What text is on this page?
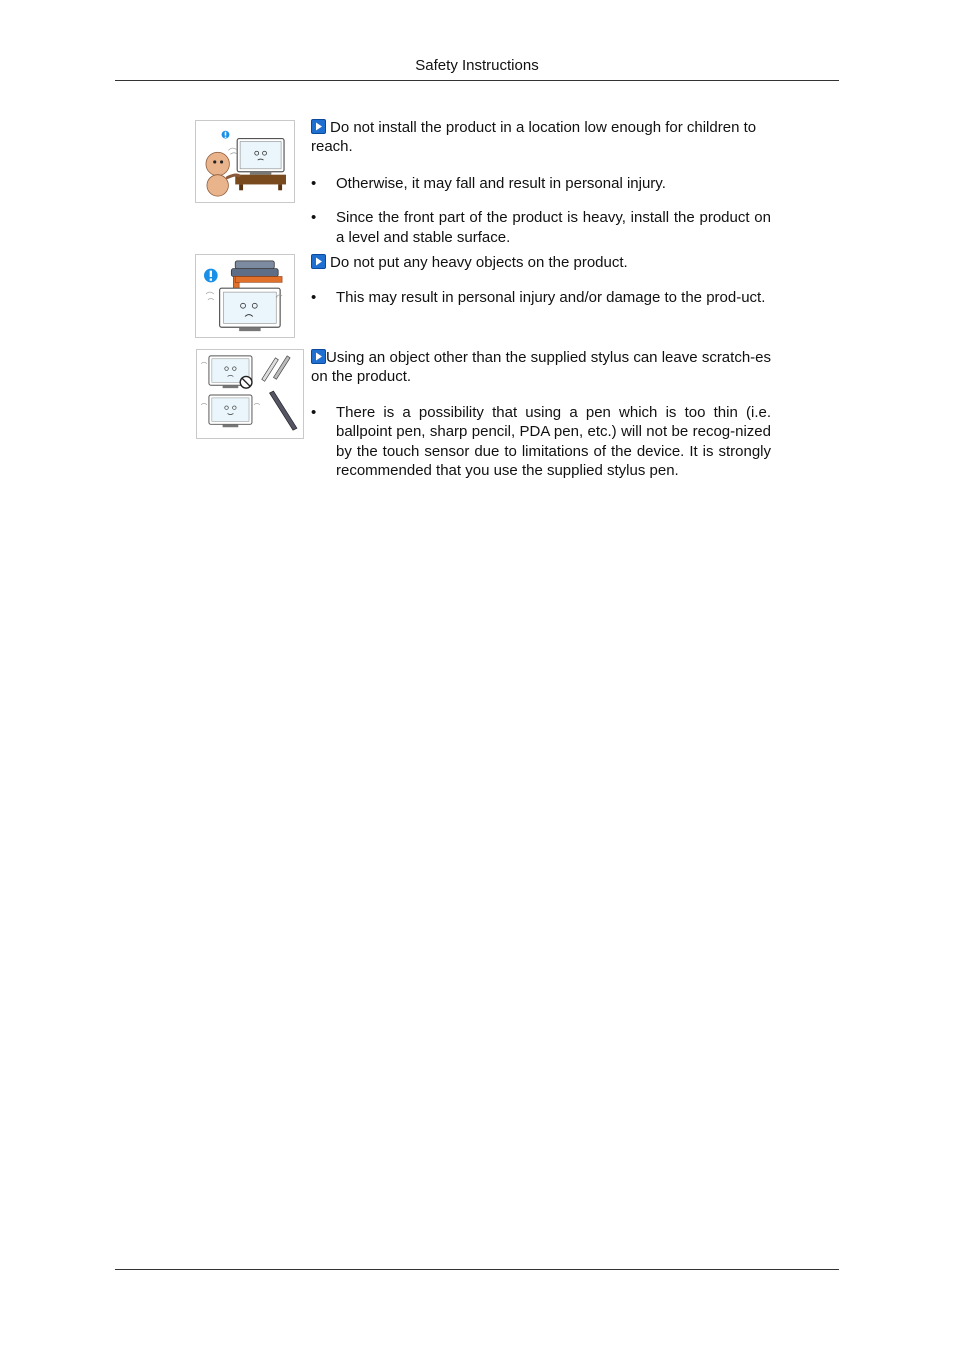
Safety Instructions

Do not install the product in a location low enough for children to reach.

• Otherwise, it may fall and result in personal injury.

• Since the front part of the product is heavy, install the product on a level and stable surface.

Do not put any heavy objects on the product.

• This may result in personal injury and/or damage to the prod-uct.

Using an object other than the supplied stylus can leave scratch-es on the product.

• There is a possibility that using a pen which is too thin (i.e. ballpoint pen, sharp pencil, PDA pen, etc.) will not be recog-nized by the touch sensor due to limitations of the device. It is strongly recommended that you use the supplied stylus pen.
